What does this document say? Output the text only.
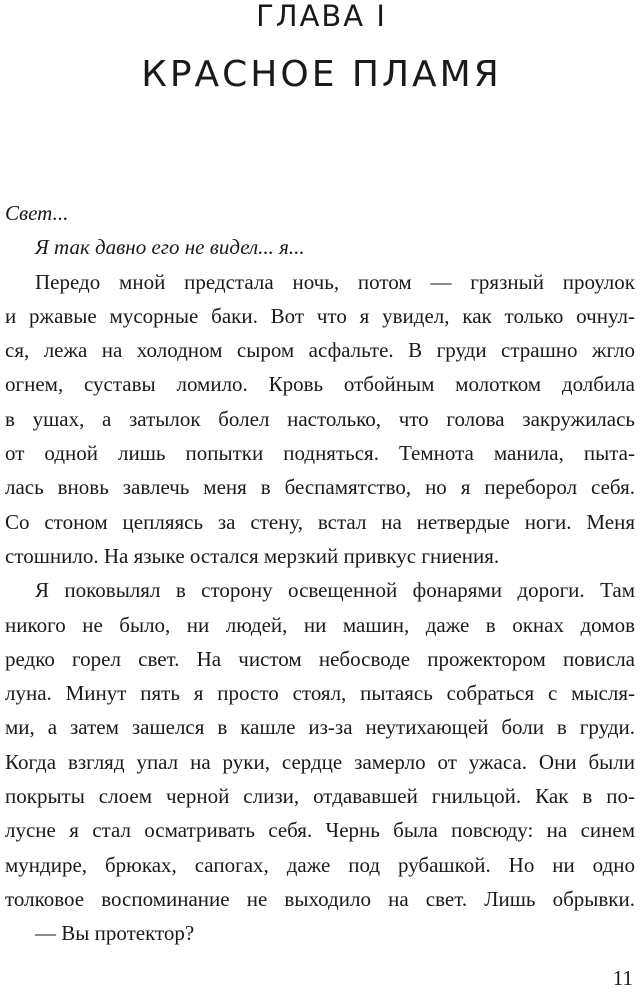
ГЛАВА I
КРАСНОЕ ПЛАМЯ
Свет...
Я так давно его не видел... я...
Передо мной предстала ночь, потом — грязный проулок
и ржавые мусорные баки. Вот что я увидел, как только очнул-
ся, лежа на холодном сыром асфальте. В груди страшно жгло
огнем, суставы ломило. Кровь отбойным молотком долбила
в ушах, а затылок болел настолько, что голова закружилась
от одной лишь попытки подняться. Темнота манила, пыта-
лась вновь завлечь меня в беспамятство, но я переборол себя.
Со стоном цепляясь за стену, встал на нетвердые ноги. Меня
стошнило. На языке остался мерзкий привкус гниения.
Я поковылял в сторону освещенной фонарями дороги. Там
никого не было, ни людей, ни машин, даже в окнах домов
редко горел свет. На чистом небосводе прожектором повисла
луна. Минут пять я просто стоял, пытаясь собраться с мысля-
ми, а затем зашелся в кашле из-за неутихающей боли в груди.
Когда взгляд упал на руки, сердце замерло от ужаса. Они были
покрыты слоем черной слизи, отдававшей гнильцой. Как в по-
лусне я стал осматривать себя. Чернь была повсюду: на синем
мундире, брюках, сапогах, даже под рубашкой. Но ни одно
толковое воспоминание не выходило на свет. Лишь обрывки.
— Вы протектор?
11
